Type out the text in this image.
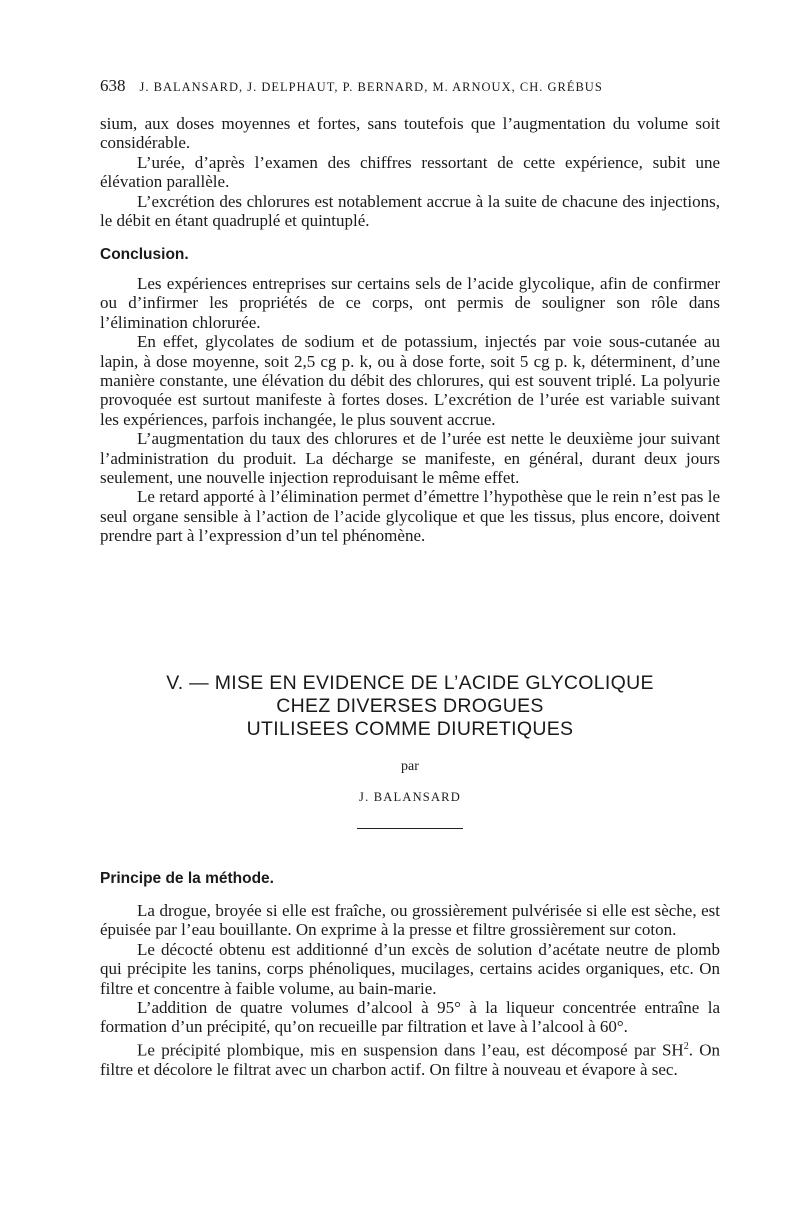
638 J. BALANSARD, J. DELPHAUT, P. BERNARD, M. ARNOUX, CH. GRÉBUS

sium, aux doses moyennes et fortes, sans toutefois que l’augmentation du volume soit considérable.

L’urée, d’après l’examen des chiffres ressortant de cette expérience, subit une élévation parallèle.

L’excrétion des chlorures est notablement accrue à la suite de chacune des injections, le débit en étant quadruplé et quintuplé.

Conclusion.

Les expériences entreprises sur certains sels de l’acide glycolique, afin de confirmer ou d’infirmer les propriétés de ce corps, ont permis de souligner son rôle dans l’élimination chlorurée.

En effet, glycolates de sodium et de potassium, injectés par voie sous-cutanée au lapin, à dose moyenne, soit 2,5 cg p. k, ou à dose forte, soit 5 cg p. k, déterminent, d’une manière constante, une élévation du débit des chlorures, qui est souvent triplé. La polyurie provoquée est surtout manifeste à fortes doses. L’excrétion de l’urée est variable suivant les expériences, parfois inchangée, le plus souvent accrue.

L’augmentation du taux des chlorures et de l’urée est nette le deuxième jour suivant l’administration du produit. La décharge se manifeste, en général, durant deux jours seulement, une nouvelle injection reproduisant le même effet.

Le retard apporté à l’élimination permet d’émettre l’hypothèse que le rein n’est pas le seul organe sensible à l’action de l’acide glycolique et que les tissus, plus encore, doivent prendre part à l’expression d’un tel phénomène.

V. — MISE EN EVIDENCE DE L’ACIDE GLYCOLIQUE
CHEZ DIVERSES DROGUES
UTILISEES COMME DIURETIQUES
par
J. BALANSARD
Principe de la méthode.

La drogue, broyée si elle est fraîche, ou grossièrement pulvérisée si elle est sèche, est épuisée par l’eau bouillante. On exprime à la presse et filtre grossièrement sur coton.

Le décocté obtenu est additionné d’un excès de solution d’acétate neutre de plomb qui précipite les tanins, corps phénoliques, mucilages, certains acides organiques, etc. On filtre et concentre à faible volume, au bain-marie.

L’addition de quatre volumes d’alcool à 95° à la liqueur concentrée entraîne la formation d’un précipité, qu’on recueille par filtration et lave à l’alcool à 60°.

Le précipité plombique, mis en suspension dans l’eau, est décomposé par $SH^2$. On filtre et décolore le filtrat avec un charbon actif. On filtre à nouveau et évapore à sec.
